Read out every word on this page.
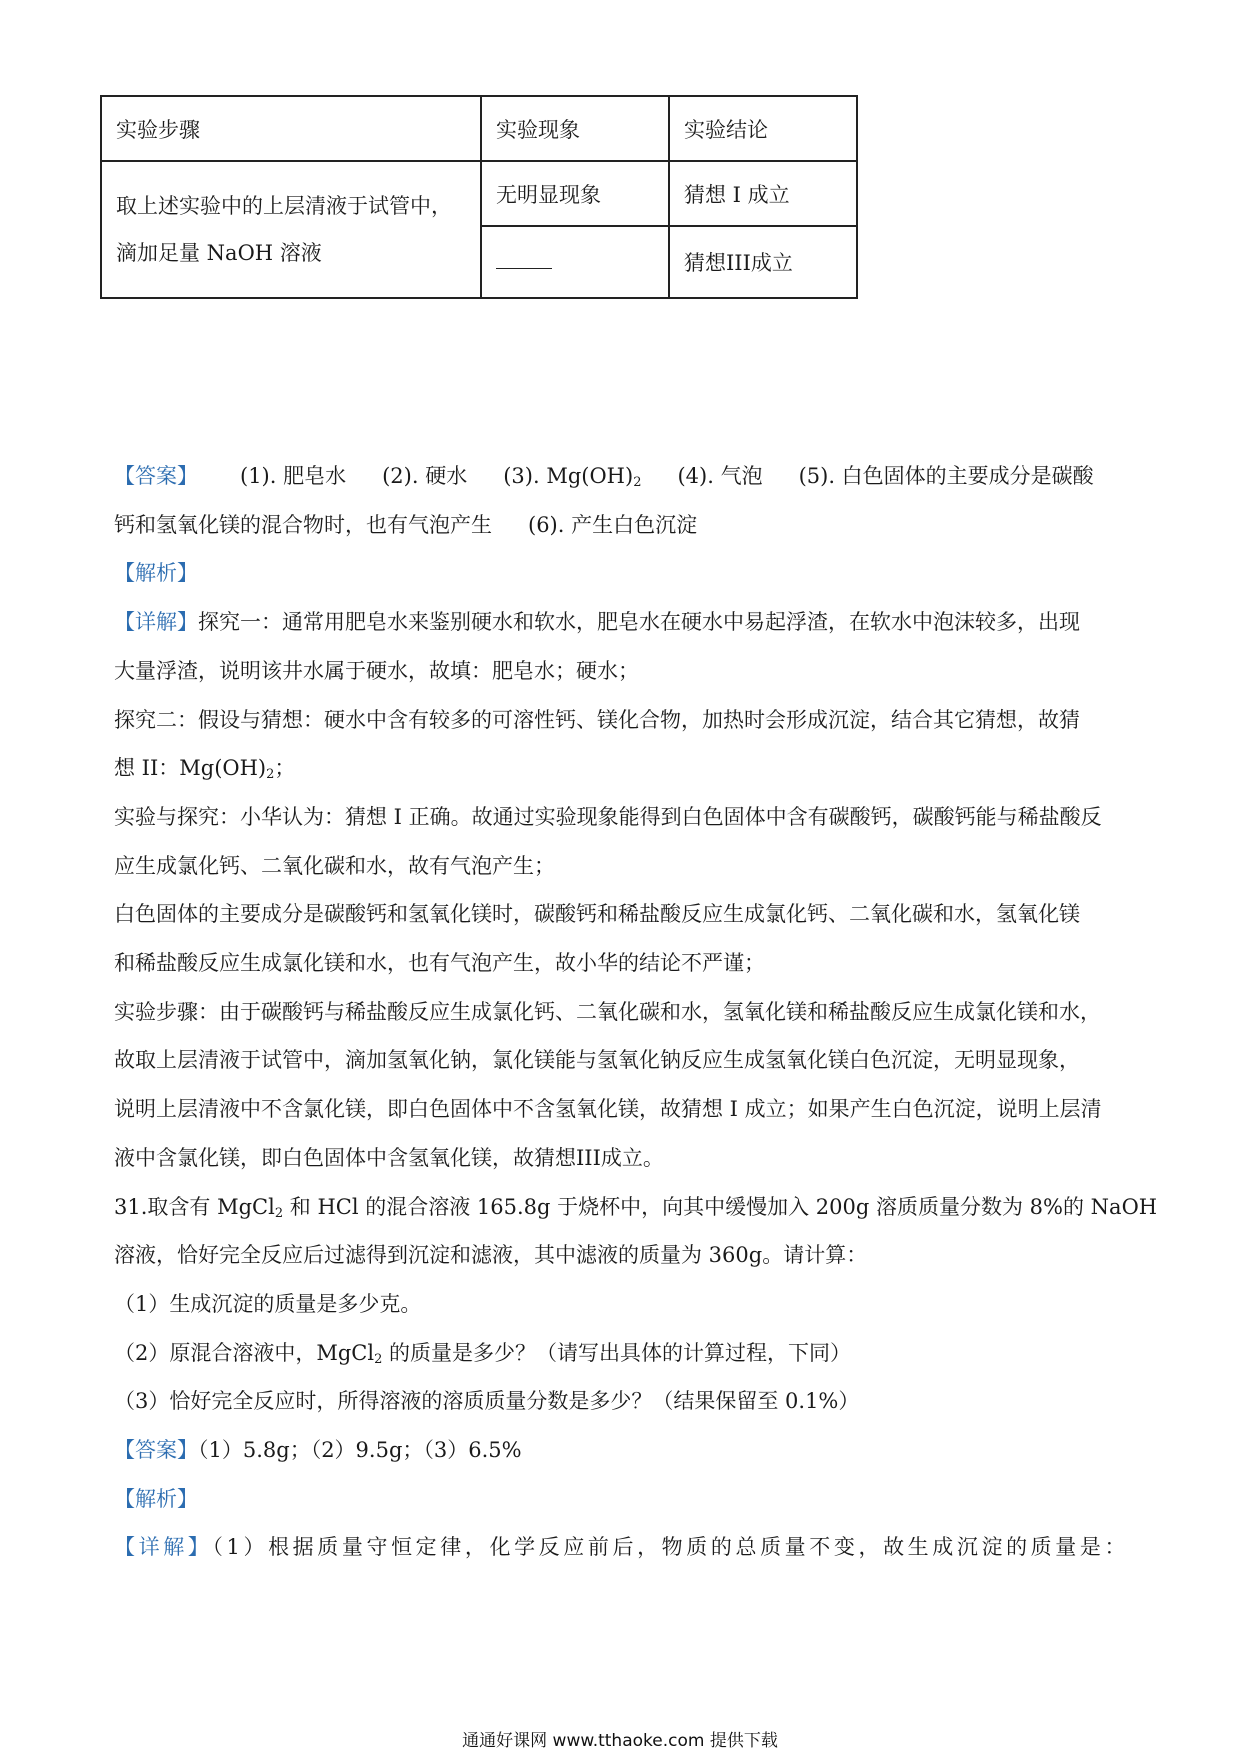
实验步骤	实验现象	实验结论

取上述实验中的上层清液于试管中，
滴加足量 NaOH 溶液	无明显现象	猜想 I 成立
		猜想III成立
【答案】 (1). 肥皂水 (2). 硬水 (3). $Mg(OH)_2$ (4). 气泡 (5). 白色固体的主要成分是碳酸
钙和氢氧化镁的混合物时，也有气泡产生 (6). 产生白色沉淀
【解析】
【详解】探究一：通常用肥皂水来鉴别硬水和软水，肥皂水在硬水中易起浮渣，在软水中泡沫较多，出现
大量浮渣，说明该井水属于硬水，故填：肥皂水；硬水；
探究二：假设与猜想：硬水中含有较多的可溶性钙、镁化合物，加热时会形成沉淀，结合其它猜想，故猜
想 II：$Mg(OH)_2$；
实验与探究：小华认为：猜想 I 正确。故通过实验现象能得到白色固体中含有碳酸钙，碳酸钙能与稀盐酸反
应生成氯化钙、二氧化碳和水，故有气泡产生；
白色固体的主要成分是碳酸钙和氢氧化镁时，碳酸钙和稀盐酸反应生成氯化钙、二氧化碳和水，氢氧化镁
和稀盐酸反应生成氯化镁和水，也有气泡产生，故小华的结论不严谨；
实验步骤：由于碳酸钙与稀盐酸反应生成氯化钙、二氧化碳和水，氢氧化镁和稀盐酸反应生成氯化镁和水，
故取上层清液于试管中，滴加氢氧化钠，氯化镁能与氢氧化钠反应生成氢氧化镁白色沉淀，无明显现象，
说明上层清液中不含氯化镁，即白色固体中不含氢氧化镁，故猜想 I 成立；如果产生白色沉淀，说明上层清
液中含氯化镁，即白色固体中含氢氧化镁，故猜想III成立。
31.取含有 MgCl$_2$ 和 HCl 的混合溶液 165.8g 于烧杯中，向其中缓慢加入 200g 溶质质量分数为 8%的 NaOH
溶液，恰好完全反应后过滤得到沉淀和滤液，其中滤液的质量为 360g。请计算：
（1）生成沉淀的质量是多少克。
（2）原混合溶液中，MgCl$_2$ 的质量是多少？（请写出具体的计算过程，下同）
（3）恰好完全反应时，所得溶液的溶质质量分数是多少？（结果保留至 0.1%）
【答案】（1）5.8g；（2）9.5g；（3）6.5%
【解析】
【详解】（1）根据质量守恒定律，化学反应前后，物质的总质量不变，故生成沉淀的质量是：
通通好课网 www.tthaoke.com 提供下载
